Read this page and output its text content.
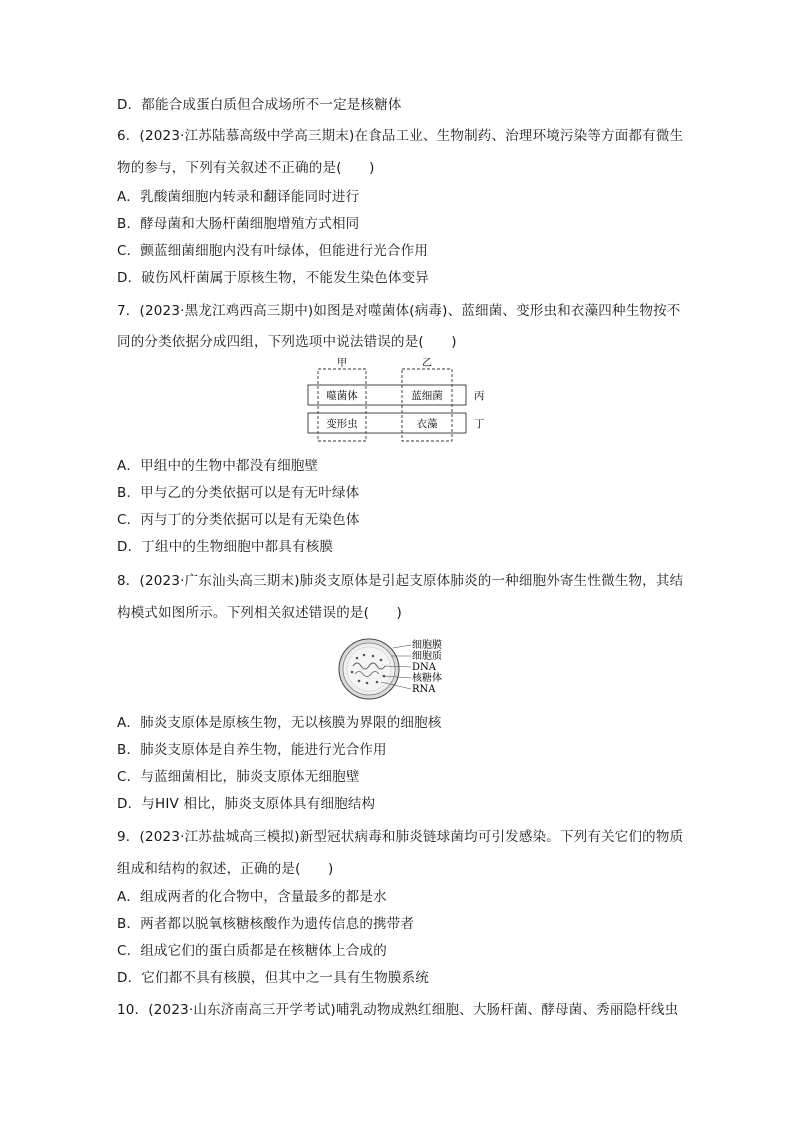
D．都能合成蛋白质但合成场所不一定是核糖体
6．(2023·江苏陆慕高级中学高三期末)在食品工业、生物制药、治理环境污染等方面都有微生
物的参与，下列有关叙述不正确的是(　　)
A．乳酸菌细胞内转录和翻译能同时进行
B．酵母菌和大肠杆菌细胞增殖方式相同
C．颤蓝细菌细胞内没有叶绿体，但能进行光合作用
D．破伤风杆菌属于原核生物，不能发生染色体变异
7．(2023·黑龙江鸡西高三期中)如图是对噬菌体(病毒)、蓝细菌、变形虫和衣藻四种生物按不
同的分类依据分成四组，下列选项中说法错误的是(　　)
甲	乙
噬菌体	蓝细菌
变形虫	衣藻
丙
丁
A．甲组中的生物中都没有细胞壁
B．甲与乙的分类依据可以是有无叶绿体
C．丙与丁的分类依据可以是有无染色体
D．丁组中的生物细胞中都具有核膜
8．(2023·广东汕头高三期末)肺炎支原体是引起支原体肺炎的一种细胞外寄生性微生物，其结
构模式如图所示。下列相关叙述错误的是(　　)
细胞膜
细胞质
DNA
核糖体
RNA
A．肺炎支原体是原核生物，无以核膜为界限的细胞核
B．肺炎支原体是自养生物，能进行光合作用
C．与蓝细菌相比，肺炎支原体无细胞壁
D．与HIV 相比，肺炎支原体具有细胞结构
9．(2023·江苏盐城高三模拟)新型冠状病毒和肺炎链球菌均可引发感染。下列有关它们的物质
组成和结构的叙述，正确的是(　　)
A．组成两者的化合物中，含量最多的都是水
B．两者都以脱氧核糖核酸作为遗传信息的携带者
C．组成它们的蛋白质都是在核糖体上合成的
D．它们都不具有核膜，但其中之一具有生物膜系统
10．(2023·山东济南高三开学考试)哺乳动物成熟红细胞、大肠杆菌、酵母菌、秀丽隐杆线虫
